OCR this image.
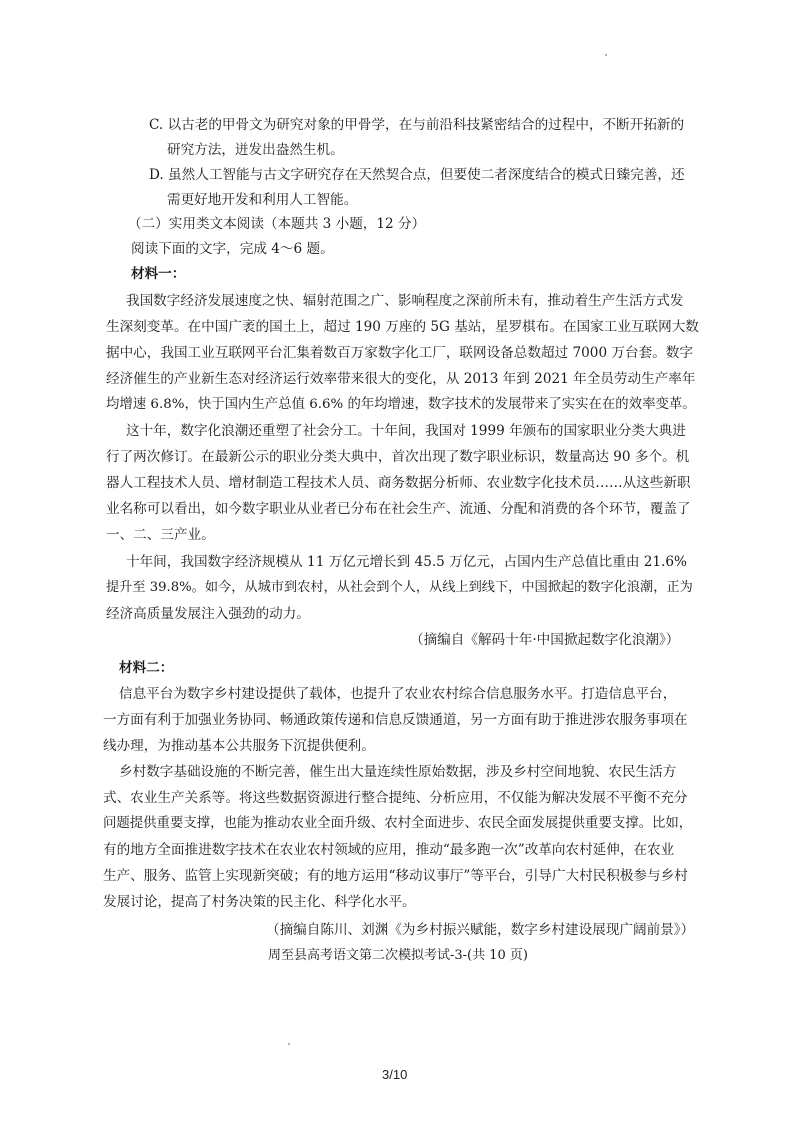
C. 以古老的甲骨文为研究对象的甲骨学，在与前沿科技紧密结合的过程中，不断开拓新的
研究方法，迸发出盎然生机。
D. 虽然人工智能与古文字研究存在天然契合点，但要使二者深度结合的模式日臻完善，还
需更好地开发和利用人工智能。
（二）实用类文本阅读（本题共 3 小题，12 分）
阅读下面的文字，完成 4～6 题。
材料一：
我国数字经济发展速度之快、辐射范围之广、影响程度之深前所未有，推动着生产生活方式发
生深刻变革。在中国广袤的国土上，超过 190 万座的 5G 基站，星罗棋布。在国家工业互联网大数
据中心，我国工业互联网平台汇集着数百万家数字化工厂，联网设备总数超过 7000 万台套。数字
经济催生的产业新生态对经济运行效率带来很大的变化，从 2013 年到 2021 年全员劳动生产率年
均增速 6.8%，快于国内生产总值 6.6% 的年均增速，数字技术的发展带来了实实在在的效率变革。
这十年，数字化浪潮还重塑了社会分工。十年间，我国对 1999 年颁布的国家职业分类大典进
行了两次修订。在最新公示的职业分类大典中，首次出现了数字职业标识，数量高达 90 多个。机
器人工程技术人员、增材制造工程技术人员、商务数据分析师、农业数字化技术员……从这些新职
业名称可以看出，如今数字职业从业者已分布在社会生产、流通、分配和消费的各个环节，覆盖了
一、二、三产业。
十年间，我国数字经济规模从 11 万亿元增长到 45.5 万亿元，占国内生产总值比重由 21.6%
提升至 39.8%。如今，从城市到农村，从社会到个人，从线上到线下，中国掀起的数字化浪潮，正为
经济高质量发展注入强劲的动力。
（摘编自《解码十年·中国掀起数字化浪潮》）
材料二：
信息平台为数字乡村建设提供了载体，也提升了农业农村综合信息服务水平。打造信息平台，
一方面有利于加强业务协同、畅通政策传递和信息反馈通道，另一方面有助于推进涉农服务事项在
线办理，为推动基本公共服务下沉提供便利。
乡村数字基础设施的不断完善，催生出大量连续性原始数据，涉及乡村空间地貌、农民生活方
式、农业生产关系等。将这些数据资源进行整合提纯、分析应用，不仅能为解决发展不平衡不充分
问题提供重要支撑，也能为推动农业全面升级、农村全面进步、农民全面发展提供重要支撑。比如，
有的地方全面推进数字技术在农业农村领域的应用，推动“最多跑一次”改革向农村延伸，在农业
生产、服务、监管上实现新突破；有的地方运用“移动议事厅”等平台，引导广大村民积极参与乡村
发展讨论，提高了村务决策的民主化、科学化水平。
（摘编自陈川、刘渊《为乡村振兴赋能，数字乡村建设展现广阔前景》）
周至县高考语文第二次模拟考试-3-(共 10 页)
3/10
